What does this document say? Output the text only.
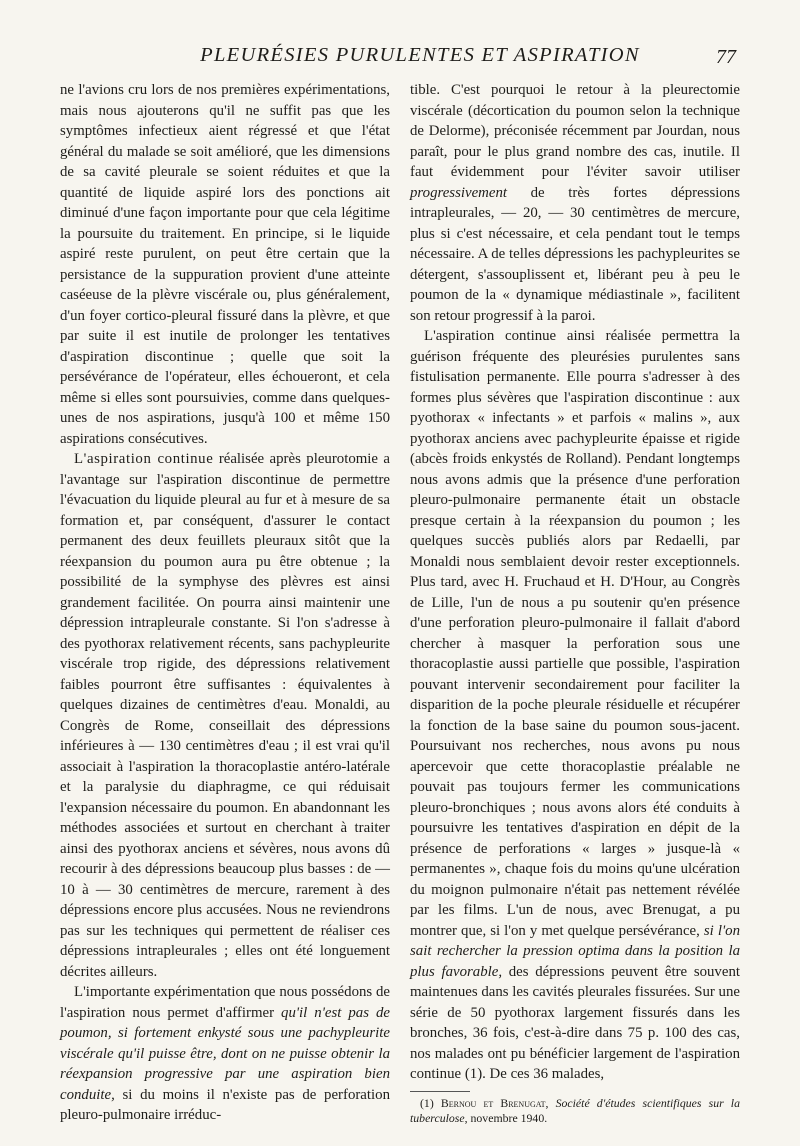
PLEURÉSIES PURULENTES ET ASPIRATION	77

ne l'avions cru lors de nos premières expérimentations, mais nous ajouterons qu'il ne suffit pas que les symptômes infectieux aient régressé et que l'état général du malade se soit amélioré, que les dimensions de sa cavité pleurale se soient réduites et que la quantité de liquide aspiré lors des ponctions ait diminué d'une façon importante pour que cela légitime la poursuite du traitement. En principe, si le liquide aspiré reste purulent, on peut être certain que la persistance de la suppuration provient d'une atteinte caséeuse de la plèvre viscérale ou, plus généralement, d'un foyer cortico-pleural fissuré dans la plèvre, et que par suite il est inutile de prolonger les tentatives d'aspiration discontinue ; quelle que soit la persévérance de l'opérateur, elles échoueront, et cela même si elles sont poursuivies, comme dans quelques-unes de nos aspirations, jusqu'à 100 et même 150 aspirations consécutives.

L'aspiration continue réalisée après pleurotomie a l'avantage sur l'aspiration discontinue de permettre l'évacuation du liquide pleural au fur et à mesure de sa formation et, par conséquent, d'assurer le contact permanent des deux feuillets pleuraux sitôt que la réexpansion du poumon aura pu être obtenue ; la possibilité de la symphyse des plèvres est ainsi grandement facilitée. On pourra ainsi maintenir une dépression intrapleurale constante. Si l'on s'adresse à des pyothorax relativement récents, sans pachypleurite viscérale trop rigide, des dépressions relativement faibles pourront être suffisantes : équivalentes à quelques dizaines de centimètres d'eau. Monaldi, au Congrès de Rome, conseillait des dépressions inférieures à — 130 centimètres d'eau ; il est vrai qu'il associait à l'aspiration la thoracoplastie antéro-latérale et la paralysie du diaphragme, ce qui réduisait l'expansion nécessaire du poumon. En abandonnant les méthodes associées et surtout en cherchant à traiter ainsi des pyothorax anciens et sévères, nous avons dû recourir à des dépressions beaucoup plus basses : de — 10 à — 30 centimètres de mercure, rarement à des dépressions encore plus accusées. Nous ne reviendrons pas sur les techniques qui permettent de réaliser ces dépressions intrapleurales ; elles ont été longuement décrites ailleurs.

L'importante expérimentation que nous possédons de l'aspiration nous permet d'affirmer qu'il n'est pas de poumon, si fortement enkysté sous une pachypleurite viscérale qu'il puisse être, dont on ne puisse obtenir la réexpansion progressive par une aspiration bien conduite, si du moins il n'existe pas de perforation pleuro-pulmonaire irréduc-

tible. C'est pourquoi le retour à la pleurectomie viscérale (décortication du poumon selon la technique de Delorme), préconisée récemment par Jourdan, nous paraît, pour le plus grand nombre des cas, inutile. Il faut évidemment pour l'éviter savoir utiliser progressivement de très fortes dépressions intrapleurales, — 20, — 30 centimètres de mercure, plus si c'est nécessaire, et cela pendant tout le temps nécessaire. A de telles dépressions les pachypleurites se détergent, s'assouplissent et, libérant peu à peu le poumon de la « dynamique médiastinale », facilitent son retour progressif à la paroi.

L'aspiration continue ainsi réalisée permettra la guérison fréquente des pleurésies purulentes sans fistulisation permanente. Elle pourra s'adresser à des formes plus sévères que l'aspiration discontinue : aux pyothorax « infectants » et parfois « malins », aux pyothorax anciens avec pachypleurite épaisse et rigide (abcès froids enkystés de Rolland). Pendant longtemps nous avons admis que la présence d'une perforation pleuro-pulmonaire permanente était un obstacle presque certain à la réexpansion du poumon ; les quelques succès publiés alors par Redaelli, par Monaldi nous semblaient devoir rester exceptionnels. Plus tard, avec H. Fruchaud et H. D'Hour, au Congrès de Lille, l'un de nous a pu soutenir qu'en présence d'une perforation pleuro-pulmonaire il fallait d'abord chercher à masquer la perforation sous une thoracoplastie aussi partielle que possible, l'aspiration pouvant intervenir secondairement pour faciliter la disparition de la poche pleurale résiduelle et récupérer la fonction de la base saine du poumon sous-jacent. Poursuivant nos recherches, nous avons pu nous apercevoir que cette thoracoplastie préalable ne pouvait pas toujours fermer les communications pleuro-bronchiques ; nous avons alors été conduits à poursuivre les tentatives d'aspiration en dépit de la présence de perforations « larges » jusque-là « permanentes », chaque fois du moins qu'une ulcération du moignon pulmonaire n'était pas nettement révélée par les films. L'un de nous, avec Brenugat, a pu montrer que, si l'on y met quelque persévérance, si l'on sait rechercher la pression optima dans la position la plus favorable, des dépressions peuvent être souvent maintenues dans les cavités pleurales fissurées. Sur une série de 50 pyothorax largement fissurés dans les bronches, 36 fois, c'est-à-dire dans 75 p. 100 des cas, nos malades ont pu bénéficier largement de l'aspiration continue (1). De ces 36 malades,

(1) Bernou et Brenugat, Société d'études scientifiques sur la tuberculose, novembre 1940.
